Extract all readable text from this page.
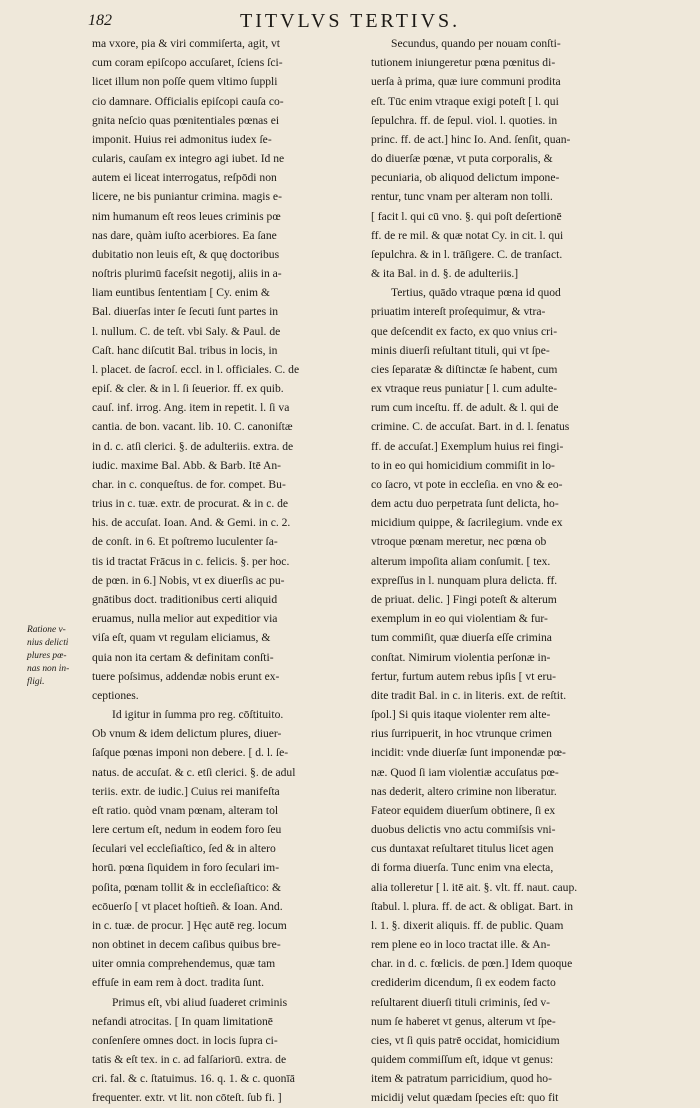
182	TITVLVS TERTIVS.
Ratione v-
nius delicti
plures pœ-
nas non in-
fligi.
ma vxore, pia & viri commiſerta, agit, vt
cum coram epiſcopo accuſaret, ſciens ſci-
licet illum non poſſe quem vltimo ſuppli
cio damnare. Officialis epiſcopi cauſa co-
gnita neſcio quas pœnitentiales pœnas ei
imponit. Huius rei admonitus iudex ſe-
cularis, cauſam ex integro agi iubet. Id ne
autem ei liceat interrogatus, reſpōdi non
licere, ne bis puniantur crimina. magis e-
nim humanum eſt reos leues criminis pœ
nas dare, quàm iuſto acerbiores. Ea ſane
dubitatio non leuis eſt, & quę doctoribus
noſtris plurimū faceſsit negotij, aliis in a-
liam euntibus ſententiam [ Cy. enim &
Bal. diuerſas inter ſe ſecuti ſunt partes in
l. nullum. C. de teſt. vbi Saly. & Paul. de
Caſt. hanc diſcutit Bal. tribus in locis, in
l. placet. de ſacroſ. eccl. in l. officiales. C. de
epiſ. & cler. & in l. ſi ſeuerior. ff. ex quib.
cauſ. inf. irrog. Ang. item in repetit. l. ſi va
cantia. de bon. vacant. lib. 10. C. canoniſtæ
in d. c. atſi clerici. §. de adulteriis. extra. de
iudic. maxime Bal. Abb. & Barb. Itē An-
char. in c. conqueſtus. de for. compet. Bu-
trius in c. tuæ. extr. de procurat. & in c. de
his. de accuſat. Ioan. And. & Gemi. in c. 2.
de conſt. in 6. Et poſtremo luculenter ſa-
tis id tractat Frācus in c. felicis. §. per hoc.
de pœn. in 6.] Nobis, vt ex diuerſis ac pu-
gnātibus doct. traditionibus certi aliquid
eruamus, nulla melior aut expeditior via
viſa eſt, quam vt regulam eliciamus, &
quia non ita certam & definitam conſti-
tuere poſsimus, addendæ nobis erunt ex-
ceptiones.
Id igitur in ſumma pro reg. cōſtituito.
Ob vnum & idem delictum plures, diuer-
ſaſque pœnas imponi non debere. [ d. l. ſe-
natus. de accuſat. & c. etſi clerici. §. de adul
teriis. extr. de iudic.] Cuius rei manifeſta
eſt ratio. quòd vnam pœnam, alteram tol
lere certum eſt, nedum in eodem foro ſeu
ſeculari vel eccleſiaſtico, ſed & in altero
horū. pœna ſiquidem in foro ſeculari im-
poſita, pœnam tollit & in eccleſiaſtico: &
ecōuerſo [ vt placet hoſtieñ. & Ioan. And.
in c. tuæ. de procur. ] Hęc autē reg. locum
non obtinet in decem caſibus quibus bre-
uiter omnia comprehendemus, quæ tam
effuſe in eam rem à doct. tradita ſunt.
Primus eſt, vbi aliud ſuaderet criminis
nefandi atrocitas. [ In quam limitationē
conſenſere omnes doct. in locis ſupra ci-
tatis & eſt tex. in c. ad falſariorū. extra. de
cri. fal. & c. ſtatuimus. 16. q. 1. & c. quonīā
frequenter. extr. vt lit. non cōteſt. ſub fi. ]
Secundus, quando per nouam conſti-
tutionem iniungeretur pœna pœnitus di-
uerſa à prima, quæ iure communi prodita
eſt. Tūc enim vtraque exigi poteſt [ l. qui
ſepulchra. ff. de ſepul. viol. l. quoties. in
princ. ff. de act.] hinc Io. And. ſenſit, quan-
do diuerſæ pœnæ, vt puta corporalis, &
pecuniaria, ob aliquod delictum impone-
rentur, tunc vnam per alteram non tolli.
[ facit l. qui cū vno. §. qui poſt deſertionē
ff. de re mil. & quæ notat Cy. in cit. l. qui
ſepulchra. & in l. trāſigere. C. de tranſact.
& ita Bal. in d. §. de adulteriis.]
Tertius, quādo vtraque pœna id quod
priuatim intereſt proſequimur, & vtra-
que deſcendit ex facto, ex quo vnius cri-
minis diuerſi reſultant tituli, qui vt ſpe-
cies ſeparatæ & diſtinctæ ſe habent, cum
ex vtraque reus puniatur [ l. cum adulte-
rum cum inceſtu. ff. de adult. & l. qui de
crimine. C. de accuſat. Bart. in d. l. ſenatus
ff. de accuſat.] Exemplum huius rei fingi-
to in eo qui homicidium commiſit in lo-
co ſacro, vt pote in eccleſia. en vno & eo-
dem actu duo perpetrata ſunt delicta, ho-
micidium quippe, & ſacrilegium. vnde ex
vtroque pœnam meretur, nec pœna ob
alterum impoſita aliam conſumit. [ tex.
expreſſus in l. nunquam plura delicta. ff.
de priuat. delic. ] Fingi poteſt & alterum
exemplum in eo qui violentiam & fur-
tum commiſit, quæ diuerſa eſſe crimina
conſtat. Nimirum violentia perſonæ in-
fertur, furtum autem rebus ipſis [ vt eru-
dite tradit Bal. in c. in literis. ext. de reſtit.
ſpol.] Si quis itaque violenter rem alte-
rius ſurripuerit, in hoc vtrunque crimen
incidit: vnde diuerſæ ſunt imponendæ pœ-
næ. Quod ſi iam violentiæ accuſatus pœ-
nas dederit, altero crimine non liberatur.
Fateor equidem diuerſum obtinere, ſi ex
duobus delictis vno actu commiſsis vni-
cus duntaxat reſultaret titulus licet agen
di forma diuerſa. Tunc enim vna electa,
alia tolleretur [ l. itē ait. §. vlt. ff. naut. caup.
ſtabul. l. plura. ff. de act. & obligat. Bart. in
l. 1. §. dixerit aliquis. ff. de public. Quam
rem plene eo in loco tractat ille. & An-
char. in d. c. fœlicis. de pœn.] Idem quoque
crediderim dicendum, ſi ex eodem facto
reſultarent diuerſi tituli criminis, ſed v-
num ſe haberet vt genus, alterum vt ſpe-
cies, vt ſi quis patrē occidat, homicidium
quidem commiſſum eſt, idque vt genus:
item & patratum parricidium, quod ho-
micidij velut quædam ſpecies eſt: quo fit
